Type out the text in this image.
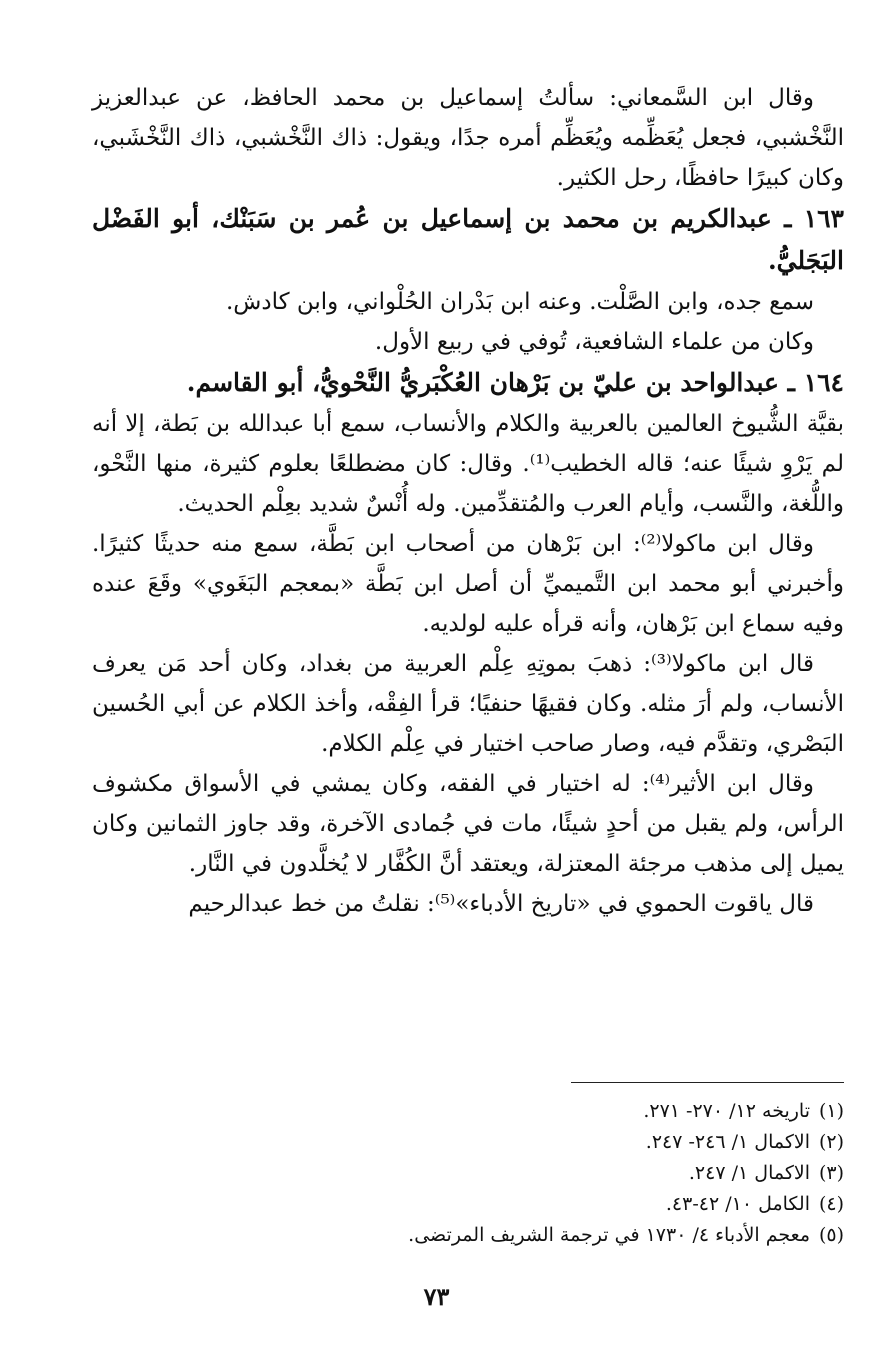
وقال ابن السَّمعاني: سألتُ إسماعيل بن محمد الحافظ، عن عبدالعزيز النَّخْشبي، فجعل يُعَظِّمه ويُعَظِّم أمره جدًا، ويقول: ذاك النَّخْشبي، ذاك النَّخْشَبي، وكان كبيرًا حافظًا، رحل الكثير.

١٦٣ ـ عبدالكريم بن محمد بن إسماعيل بن عُمر بن سَبَنْك، أبو الفَضْل البَجَليُّ.

سمع جده، وابن الصَّلْت. وعنه ابن بَدْران الحُلْواني، وابن كادش.

وكان من علماء الشافعية، تُوفي في ربيع الأول.

١٦٤ ـ عبدالواحد بن عليّ بن بَرْهان العُكْبَريُّ النَّحْويُّ، أبو القاسم.

بقيَّة الشُّيوخ العالمين بالعربية والكلام والأنساب، سمع أبا عبدالله بن بَطة، إلا أنه لم يَرْوِ شيئًا عنه؛ قاله الخطيب⁽¹⁾. وقال: كان مضطلعًا بعلوم كثيرة، منها النَّحْو، واللُّغة، والنَّسب، وأيام العرب والمُتقدِّمين. وله أُنْسٌ شديد بعِلْم الحديث.

وقال ابن ماكولا⁽²⁾: ابن بَرْهان من أصحاب ابن بَطَّة، سمع منه حديثًا كثيرًا. وأخبرني أبو محمد ابن التَّميميِّ أن أصل ابن بَطَّة «بمعجم البَغَوي» وقَعَ عنده وفيه سماع ابن بَرْهان، وأنه قرأه عليه لولديه.

قال ابن ماكولا⁽³⁾: ذهبَ بموتِهِ عِلْم العربية من بغداد، وكان أحد مَن يعرف الأنساب، ولم أرَ مثله. وكان فقيهًا حنفيًا؛ قرأ الفِقْه، وأخذ الكلام عن أبي الحُسين البَصْري، وتقدَّم فيه، وصار صاحب اختيار في عِلْم الكلام.

وقال ابن الأثير⁽⁴⁾: له اختيار في الفقه، وكان يمشي في الأسواق مكشوف الرأس، ولم يقبل من أحدٍ شيئًا، مات في جُمادى الآخرة، وقد جاوز الثمانين وكان يميل إلى مذهب مرجئة المعتزلة، ويعتقد أنَّ الكُفَّار لا يُخلَّدون في النَّار.

قال ياقوت الحموي في «تاريخ الأدباء»⁽⁵⁾: نقلتُ من خط عبدالرحيم

(١)
تاريخه ١٢/ ٢٧٠- ٢٧١.
(٢)
الاكمال ١/ ٢٤٦- ٢٤٧.
(٣)
الاكمال ١/ ٢٤٧.
(٤)
الكامل ١٠/ ٤٢-٤٣.
(٥)
معجم الأدباء ٤/ ١٧٣٠ في ترجمة الشريف المرتضى.
٧٣
